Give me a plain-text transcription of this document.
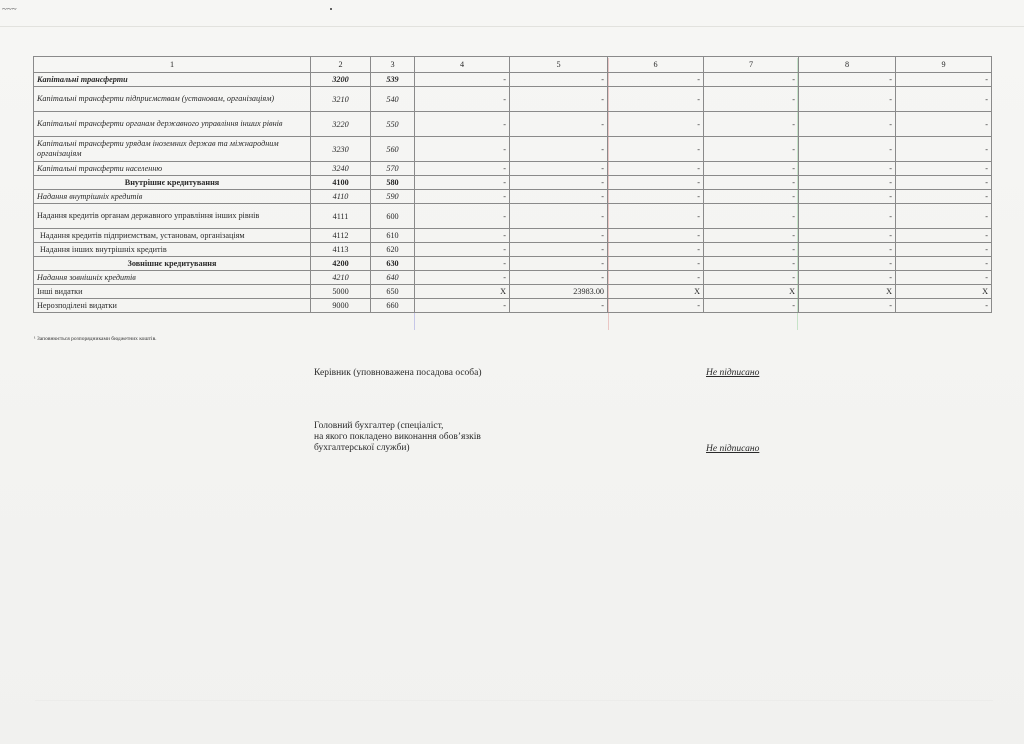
~~~
1	2	3	4	5	6	7	8	9
Капітальні трансферти	3200	539	-	-	-	-	-	-
Капітальні трансферти підприємствам (установам, організаціям)	3210	540	-	-	-	-	-	-
Капітальні трансферти органам державного управління інших рівнів	3220	550	-	-	-	-	-	-
Капітальні трансферти урядам іноземних держав та міжнародним організаціям	3230	560	-	-	-	-	-	-
Капітальні трансферти населенню	3240	570	-	-	-	-	-	-
Внутрішнє кредитування	4100	580	-	-	-	-	-	-
Надання внутрішніх кредитів	4110	590	-	-	-	-	-	-
Надання кредитів органам державного управління інших рівнів	4111	600	-	-	-	-	-	-
Надання кредитів підприємствам, установам, організаціям	4112	610	-	-	-	-	-	-
Надання інших внутрішніх кредитів	4113	620	-	-	-	-	-	-
Зовнішнє кредитування	4200	630	-	-	-	-	-	-
Надання зовнішніх кредитів	4210	640	-	-	-	-	-	-
Інші видатки	5000	650	Х	23983.00	Х	Х	Х	Х
Нерозподілені видатки	9000	660	-	-	-	-	-	-
¹ Заповнюється розпорядниками бюджетних коштів.
Керівник (уповноважена посадова особа)	Не підписано
Головний бухгалтер (спеціаліст,
на якого покладено виконання обов’язків
бухгалтерської служби)	Не підписано
